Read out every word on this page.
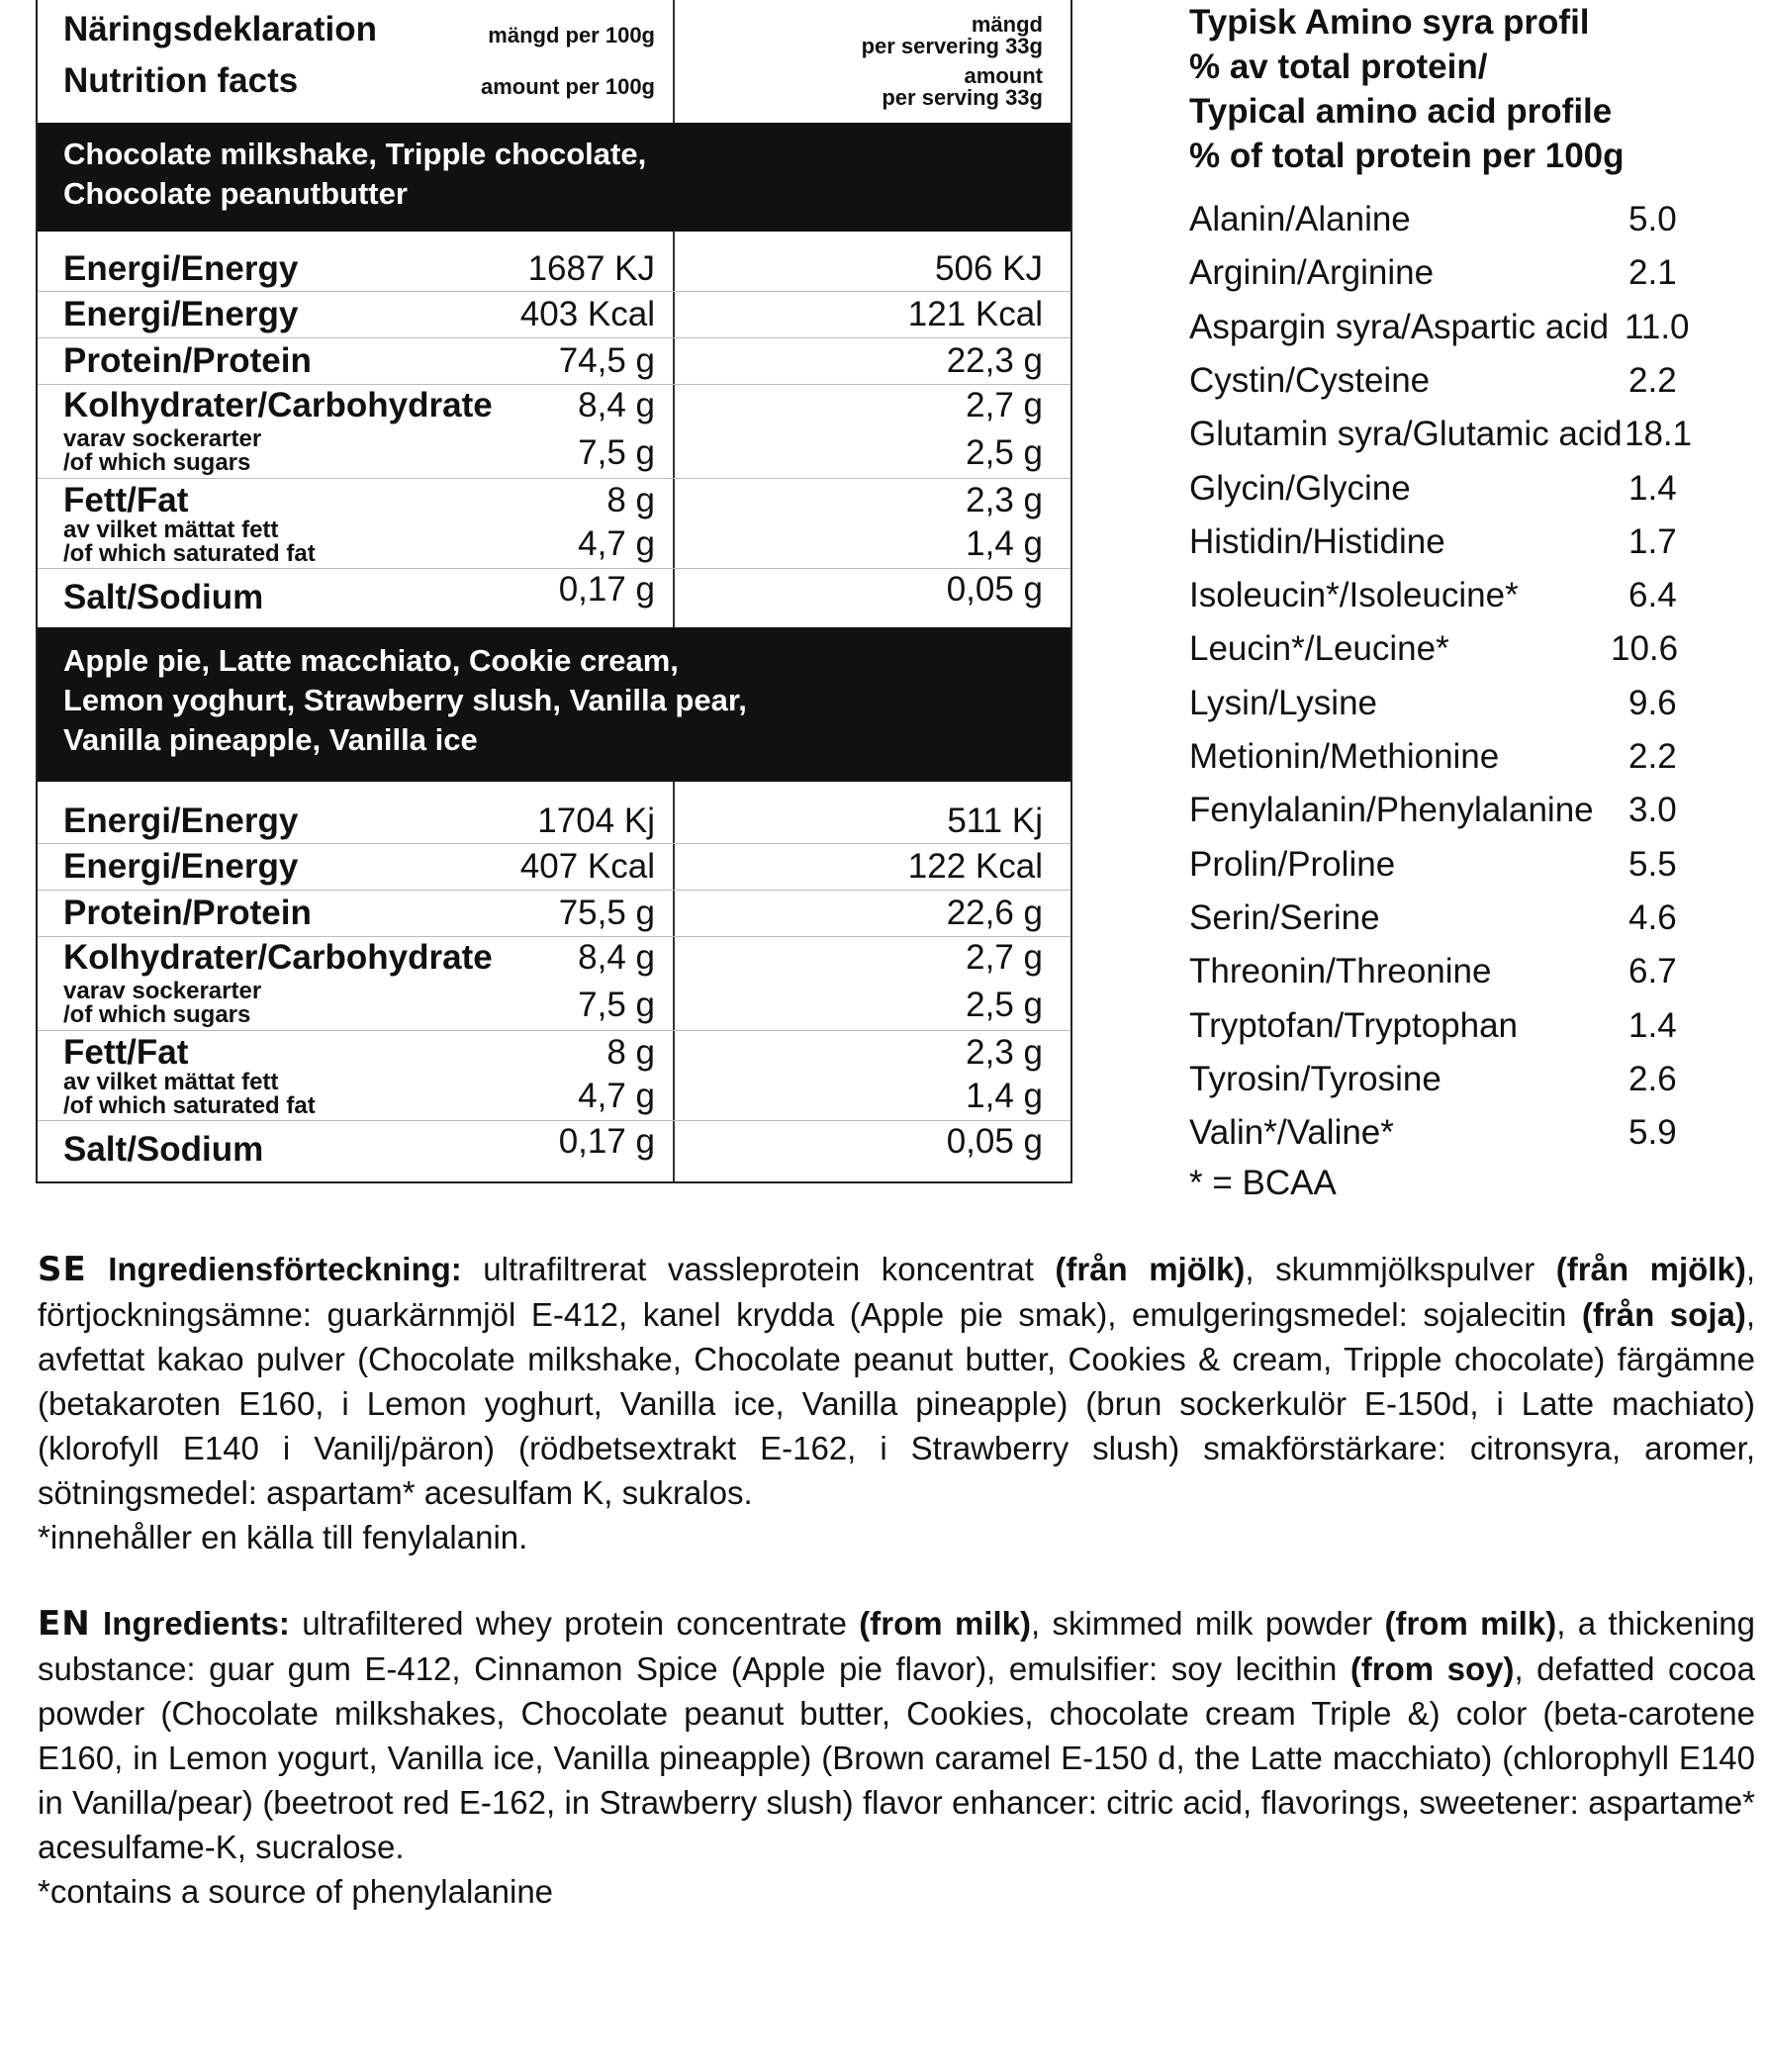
Näringsdeklaration
Nutrition facts
mängd per 100g
amount per 100g
mängd
per servering 33g
amount
per serving 33g
Chocolate milkshake, Tripple chocolate,
Chocolate peanutbutter
Energi/Energy	1687 KJ	506 KJ
Energi/Energy	403 Kcal	121 Kcal
Protein/Protein	74,5 g	22,3 g
Kolhydrater/Carbohydrate 8,4 g	2,7 g
varav sockerarter
/of which sugars	7,5 g	2,5 g
Fett/Fat	8 g	2,3 g
av vilket mättat fett
/of which saturated fat	4,7 g	1,4 g
Salt/Sodium	0,17 g	0,05 g
Apple pie, Latte macchiato, Cookie cream,
Lemon yoghurt, Strawberry slush, Vanilla pear,
Vanilla pineapple, Vanilla ice
Energi/Energy	1704 Kj	511 Kj
Energi/Energy	407 Kcal	122 Kcal
Protein/Protein	75,5 g	22,6 g
Kolhydrater/Carbohydrate 8,4 g	2,7 g
varav sockerarter
/of which sugars	7,5 g	2,5 g
Fett/Fat	8 g	2,3 g
av vilket mättat fett
/of which saturated fat	4,7 g	1,4 g
Salt/Sodium	0,17 g	0,05 g
Typisk Amino syra profil
% av total protein/
Typical amino acid profile
% of total protein per 100g
Alanin/Alanine	5.0
Arginin/Arginine	2.1
Aspargin syra/Aspartic acid 11.0
Cystin/Cysteine	2.2
Glutamin syra/Glutamic acid 18.1
Glycin/Glycine	1.4
Histidin/Histidine	1.7
Isoleucin*/Isoleucine*	6.4
Leucin*/Leucine*	10.6
Lysin/Lysine	9.6
Metionin/Methionine	2.2
Fenylalanin/Phenylalanine 3.0
Prolin/Proline	5.5
Serin/Serine	4.6
Threonin/Threonine	6.7
Tryptofan/Tryptophan	1.4
Tyrosin/Tyrosine	2.6
Valin*/Valine*	5.9
* = BCAA
SE Ingrediensförteckning: ultrafiltrerat vassleprotein koncentrat (från mjölk), skummjölkspulver (från mjölk), förtjockningsämne: guarkärnmjöl E-412, kanel krydda (Apple pie smak), emulgeringsmedel: sojalecitin (från soja), avfettat kakao pulver (Chocolate milkshake, Chocolate peanut butter, Cookies & cream, Tripple chocolate) färgämne (betakaroten E160, i Lemon yoghurt, Vanilla ice, Vanilla pineapple) (brun sockerkulör E-150d, i Latte machiato) (klorofyll E140 i Vanilj/päron) (rödbetsextrakt E-162, i Strawberry slush) smakförstärkare: citronsyra, aromer, sötningsmedel: aspartam* acesulfam K, sukralos.
*innehåller en källa till fenylalanin.
EN Ingredients: ultrafiltered whey protein concentrate (from milk), skimmed milk powder (from milk), a thickening substance: guar gum E-412, Cinnamon Spice (Apple pie flavor), emulsifier: soy lecithin (from soy), defatted cocoa powder (Chocolate milkshakes, Chocolate peanut butter, Cookies, chocolate cream Triple &) color (beta-carotene E160, in Lemon yogurt, Vanilla ice, Vanilla pineapple) (Brown caramel E-150 d, the Latte macchiato) (chlorophyll E140 in Vanilla/pear) (beetroot red E-162, in Strawberry slush) flavor enhancer: citric acid, flavorings, sweetener: aspartame* acesulfame-K, sucralose.
*contains a source of phenylalanine
